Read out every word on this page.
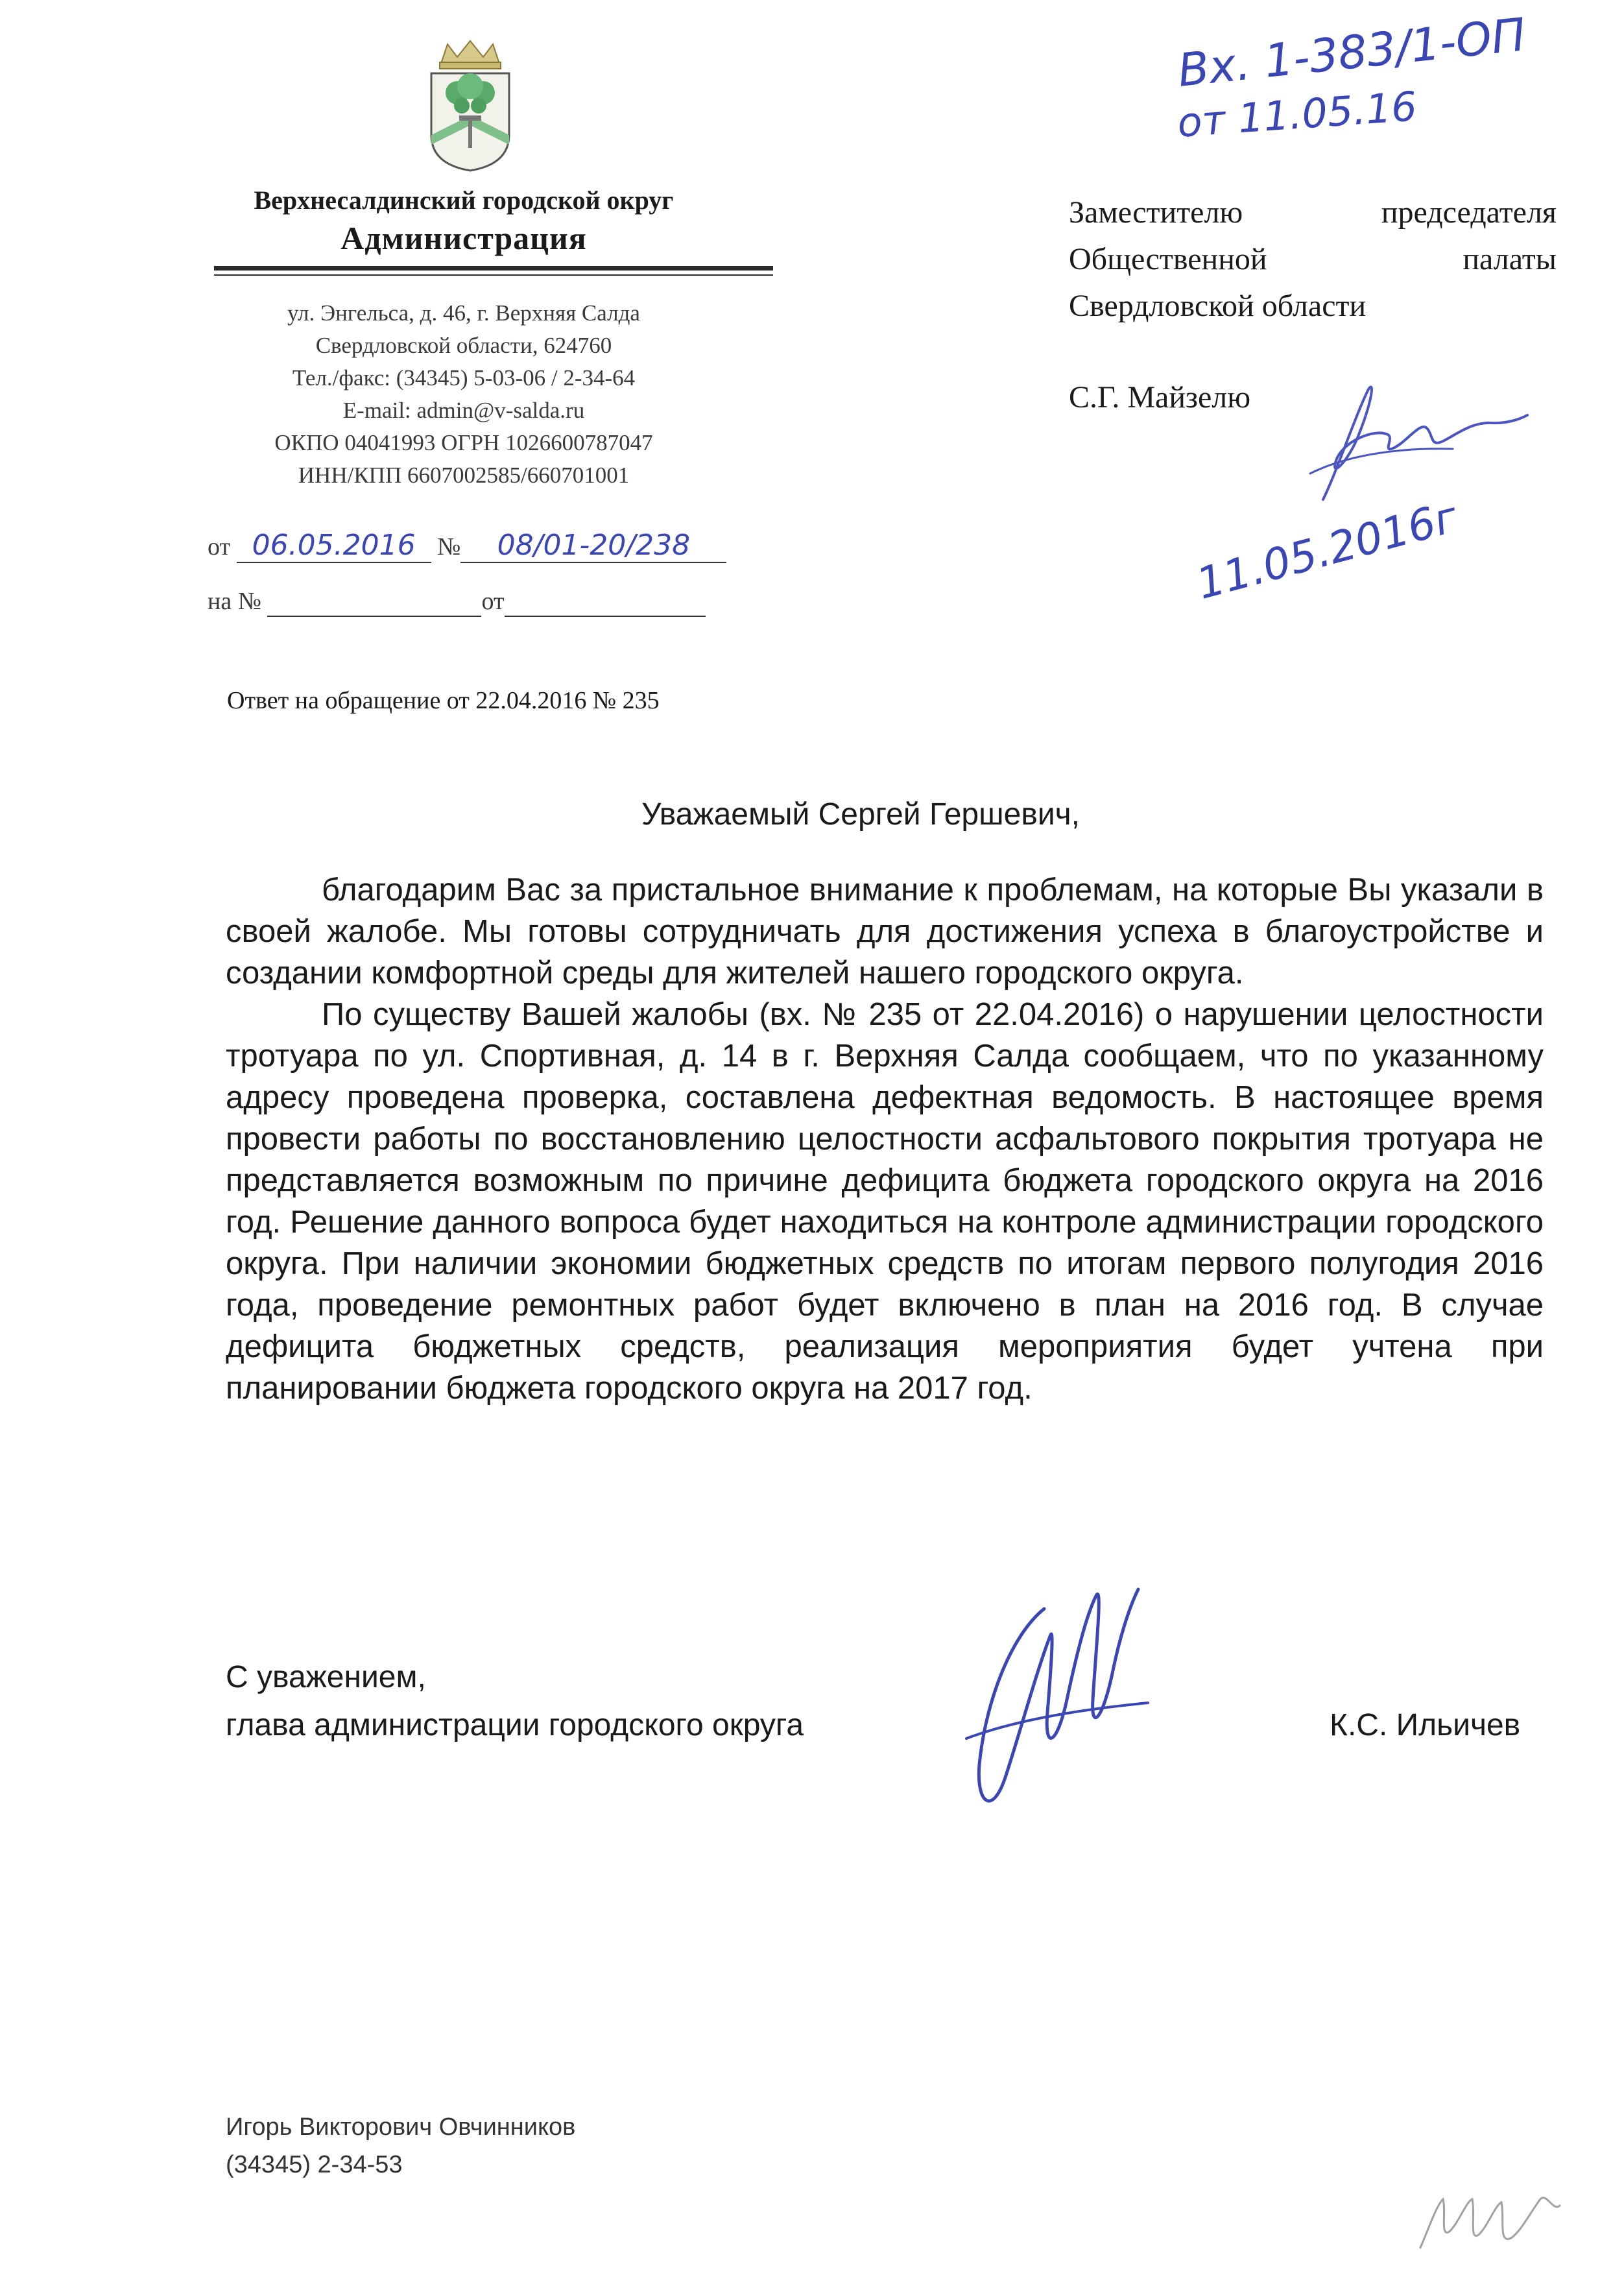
Верхнесалдинский городской округ
Администрация
ул. Энгельса, д. 46, г. Верхняя Салда
Свердловской области, 624760
Тел./факс: (34345) 5-03-06 / 2-34-64
E-mail: admin@v-salda.ru
ОКПО 04041993 ОГРН 1026600787047
ИНН/КПП 6607002585/660701001
от 06.05.2016 № 08/01-20/238
на №	от
Ответ на обращение от 22.04.2016 № 235
Вх. 1-383/1-ОП
от 11.05.16
Заместителю	председателя
Общественной	палаты
Свердловской области
С.Г. Майзелю
11.05.2016г
Уважаемый Сергей Гершевич,

благодарим Вас за пристальное внимание к проблемам, на которые Вы указали в своей жалобе. Мы готовы сотрудничать для достижения успеха в благоустройстве и создании комфортной среды для жителей нашего городского округа.

По существу Вашей жалобы (вх. № 235 от 22.04.2016) о нарушении целостности тротуара по ул. Спортивная, д. 14 в г. Верхняя Салда сообщаем, что по указанному адресу проведена проверка, составлена дефектная ведомость. В настоящее время провести работы по восстановлению целостности асфальтового покрытия тротуара не представляется возможным по причине дефицита бюджета городского округа на 2016 год. Решение данного вопроса будет находиться на контроле администрации городского округа. При наличии экономии бюджетных средств по итогам первого полугодия 2016 года, проведение ремонтных работ будет включено в план на 2016 год. В случае дефицита бюджетных средств, реализация мероприятия будет учтена при планировании бюджета городского округа на 2017 год.

С уважением,
глава администрации городского округа	К.С. Ильичев
Игорь Викторович Овчинников
(34345) 2-34-53
